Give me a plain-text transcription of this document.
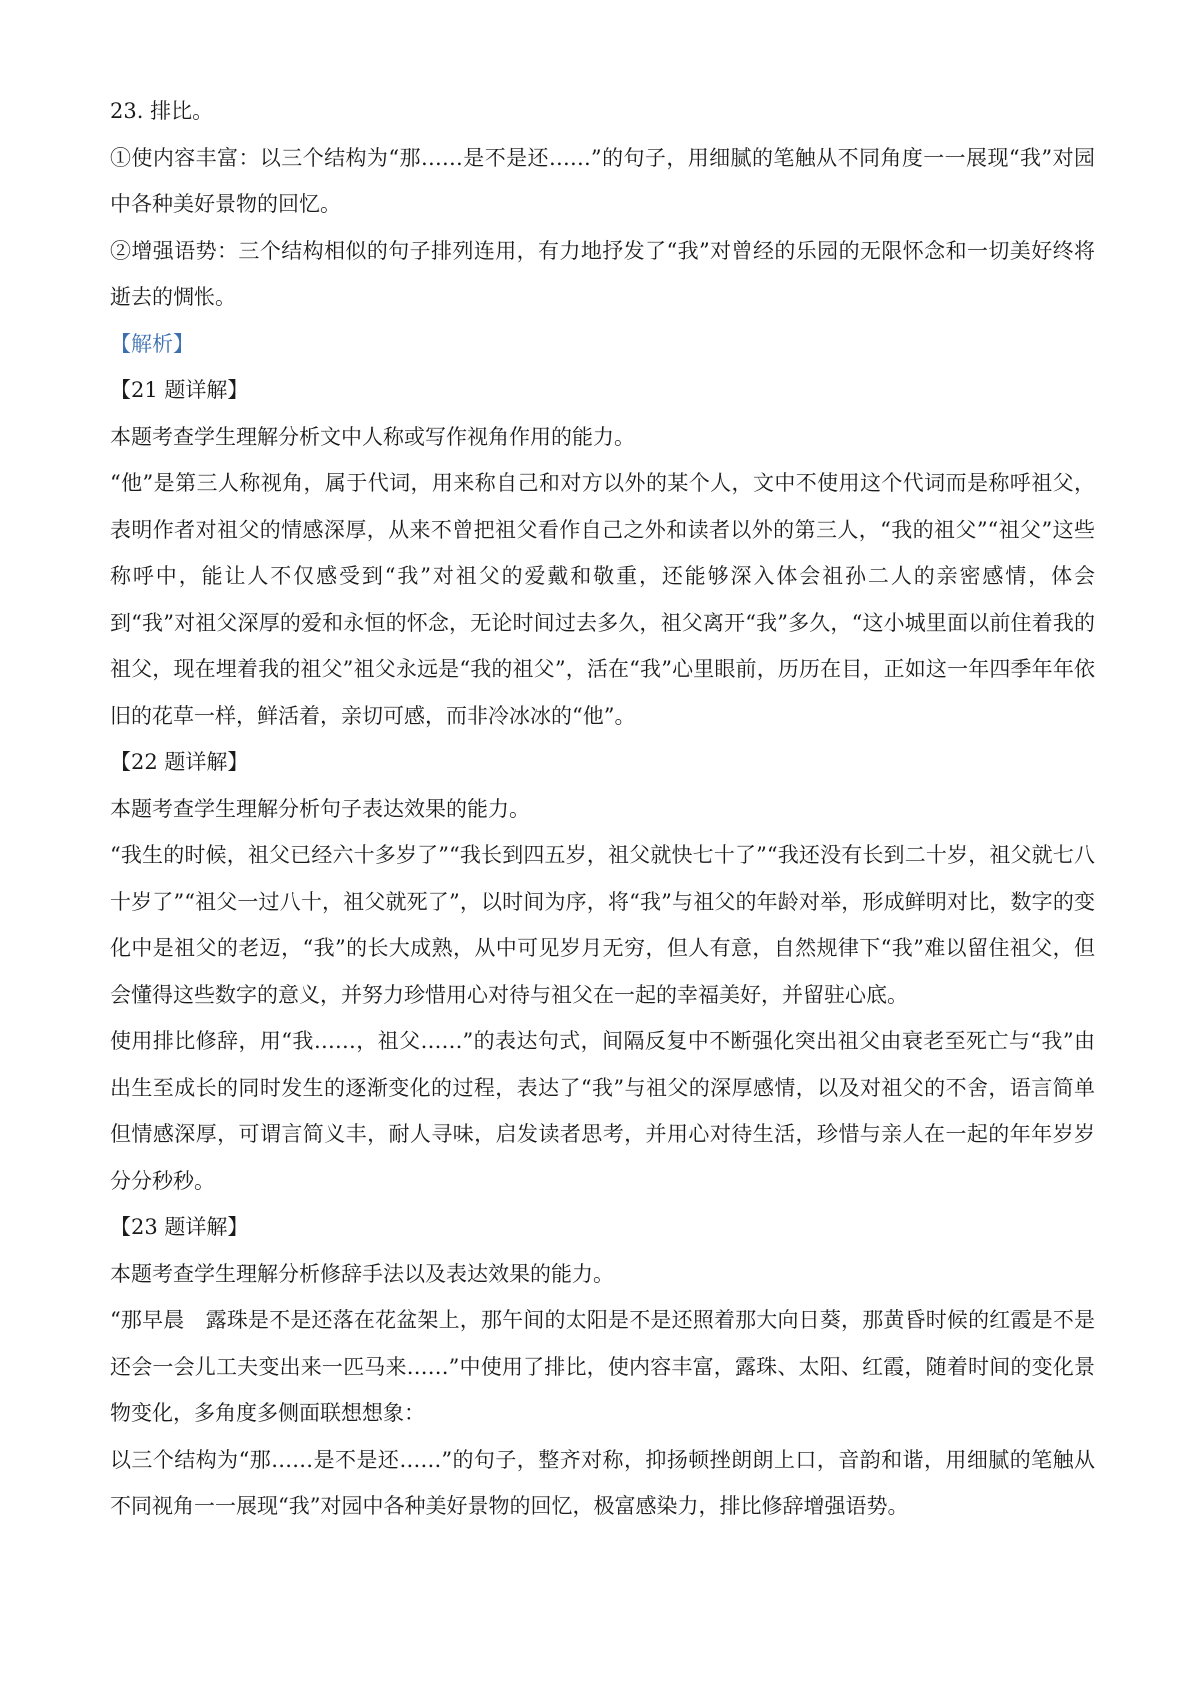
23. 排比。

①使内容丰富：以三个结构为“那……是不是还……”的句子，用细腻的笔触从不同角度一一展现“我”对园中各种美好景物的回忆。

②增强语势：三个结构相似的句子排列连用，有力地抒发了“我”对曾经的乐园的无限怀念和一切美好终将逝去的惆怅。

【解析】

【21 题详解】

本题考查学生理解分析文中人称或写作视角作用的能力。

“他”是第三人称视角，属于代词，用来称自己和对方以外的某个人，文中不使用这个代词而是称呼祖父，表明作者对祖父的情感深厚，从来不曾把祖父看作自己之外和读者以外的第三人，“我的祖父”“祖父”这些称呼中，能让人不仅感受到“我”对祖父的爱戴和敬重，还能够深入体会祖孙二人的亲密感情，体会到“我”对祖父深厚的爱和永恒的怀念，无论时间过去多久，祖父离开“我”多久，“这小城里面以前住着我的祖父，现在埋着我的祖父”祖父永远是“我的祖父”，活在“我”心里眼前，历历在目，正如这一年四季年年依旧的花草一样，鲜活着，亲切可感，而非冷冰冰的“他”。

【22 题详解】

本题考查学生理解分析句子表达效果的能力。

“我生的时候，祖父已经六十多岁了”“我长到四五岁，祖父就快七十了”“我还没有长到二十岁，祖父就七八十岁了”“祖父一过八十，祖父就死了”，以时间为序，将“我”与祖父的年龄对举，形成鲜明对比，数字的变化中是祖父的老迈，“我”的长大成熟，从中可见岁月无穷，但人有意，自然规律下“我”难以留住祖父，但会懂得这些数字的意义，并努力珍惜用心对待与祖父在一起的幸福美好，并留驻心底。

使用排比修辞，用“我……，祖父……”的表达句式，间隔反复中不断强化突出祖父由衰老至死亡与“我”由出生至成长的同时发生的逐渐变化的过程，表达了“我”与祖父的深厚感情，以及对祖父的不舍，语言简单但情感深厚，可谓言简义丰，耐人寻味，启发读者思考，并用心对待生活，珍惜与亲人在一起的年年岁岁分分秒秒。

【23 题详解】

本题考查学生理解分析修辞手法以及表达效果的能力。

“那早晨　露珠是不是还落在花盆架上，那午间的太阳是不是还照着那大向日葵，那黄昏时候的红霞是不是还会一会儿工夫变出来一匹马来……”中使用了排比，使内容丰富，露珠、太阳、红霞，随着时间的变化景物变化，多角度多侧面联想想象：

以三个结构为“那……是不是还……”的句子，整齐对称，抑扬顿挫朗朗上口，音韵和谐，用细腻的笔触从不同视角一一展现“我”对园中各种美好景物的回忆，极富感染力，排比修辞增强语势。
